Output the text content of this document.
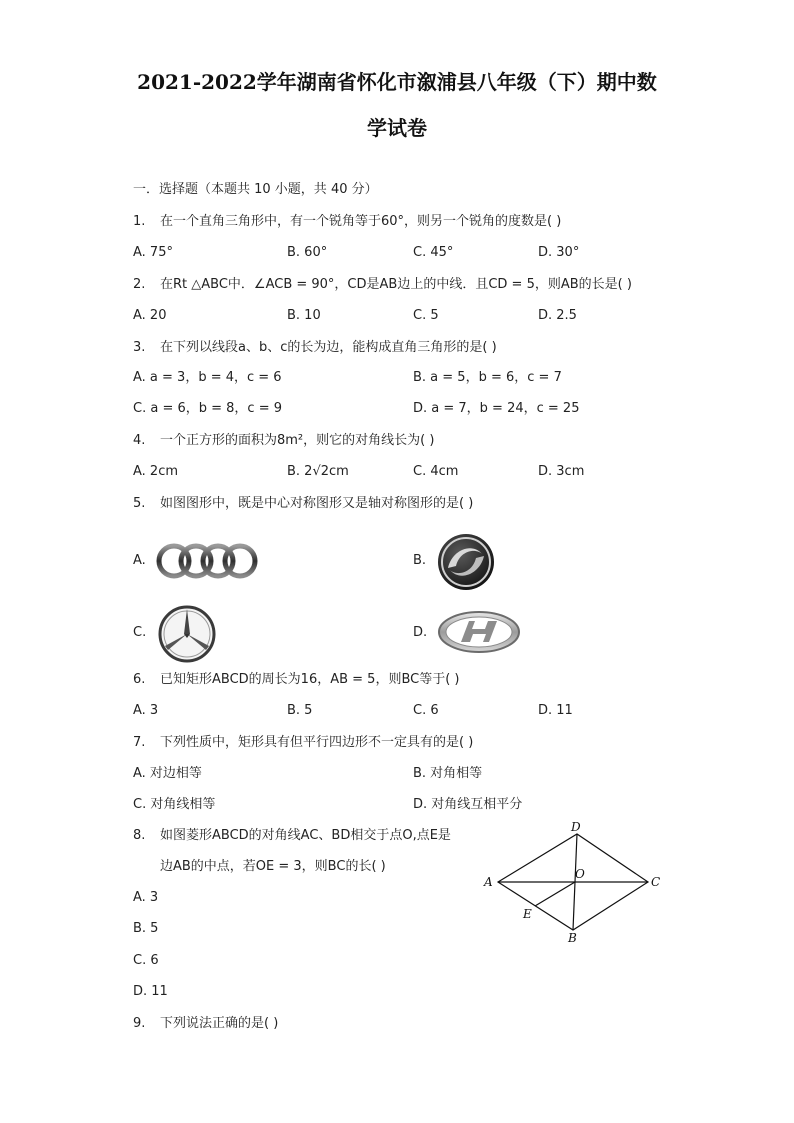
2021-2022学年湖南省怀化市溆浦县八年级（下）期中数
学试卷
一．选择题（本题共 10 小题，共 40 分）
1. 在一个直角三角形中，有一个锐角等于60°，则另一个锐角的度数是( )
A. 75°	B. 60°	C. 45°	D. 30°
2. 在Rt △ABC中．∠ACB = 90°，CD是AB边上的中线．且CD = 5，则AB的长是( )
A. 20	B. 10	C. 5	D. 2.5
3. 在下列以线段a、b、c的长为边，能构成直角三角形的是( )
A. a = 3，b = 4，c = 6	B. a = 5，b = 6，c = 7
C. a = 6，b = 8，c = 9	D. a = 7，b = 24，c = 25
4. 一个正方形的面积为8m²，则它的对角线长为( )
A. 2cm	B. 2√2cm	C. 4cm	D. 3cm
5. 如图图形中，既是中心对称图形又是轴对称图形的是( )
A.	B.
C.	D.
6. 已知矩形ABCD的周长为16，AB = 5，则BC等于( )
A. 3	B. 5	C. 6	D. 11
7. 下列性质中，矩形具有但平行四边形不一定具有的是( )
A. 对边相等	B. 对角相等
C. 对角线相等	D. 对角线互相平分
8. 如图菱形ABCD的对角线AC、BD相交于点O,点E是
边AB的中点，若OE = 3，则BC的长( )
A. 3
B. 5
C. 6
D. 11
D
A	C
O
E
B
9. 下列说法正确的是( )
